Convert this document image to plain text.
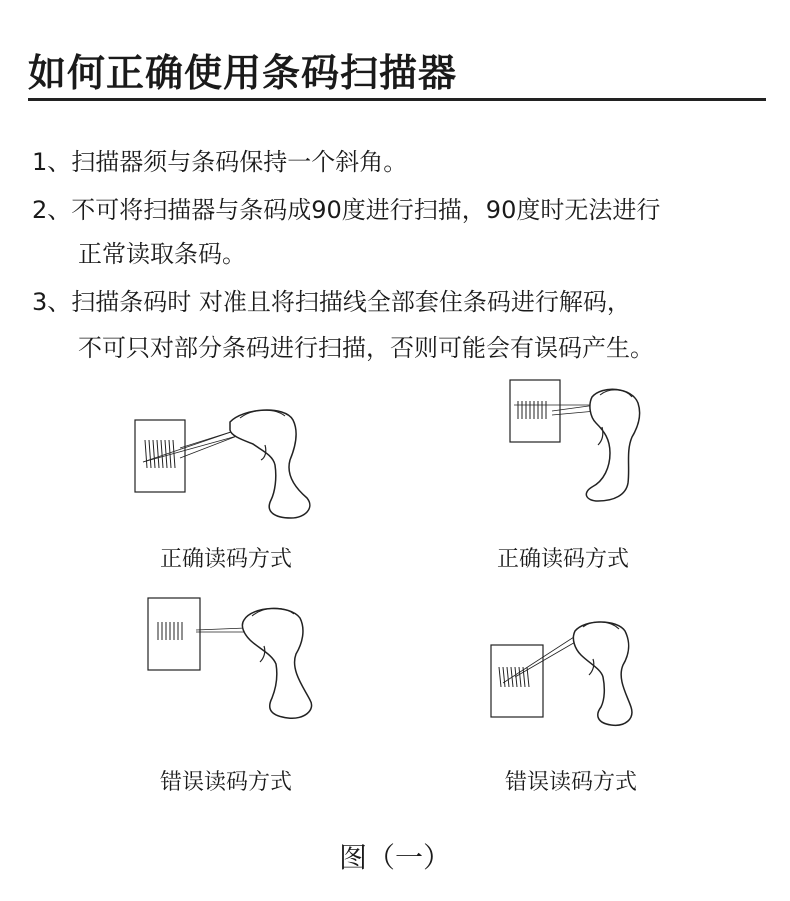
如何正确使用条码扫描器
1、扫描器须与条码保持一个斜角。
2、不可将扫描器与条码成90度进行扫描，90度时无法进行
正常读取条码。
3、扫描条码时 对准且将扫描线全部套住条码进行解码，
不可只对部分条码进行扫描，否则可能会有误码产生。
正确读码方式	正确读码方式
错误读码方式	错误读码方式
图（一）
